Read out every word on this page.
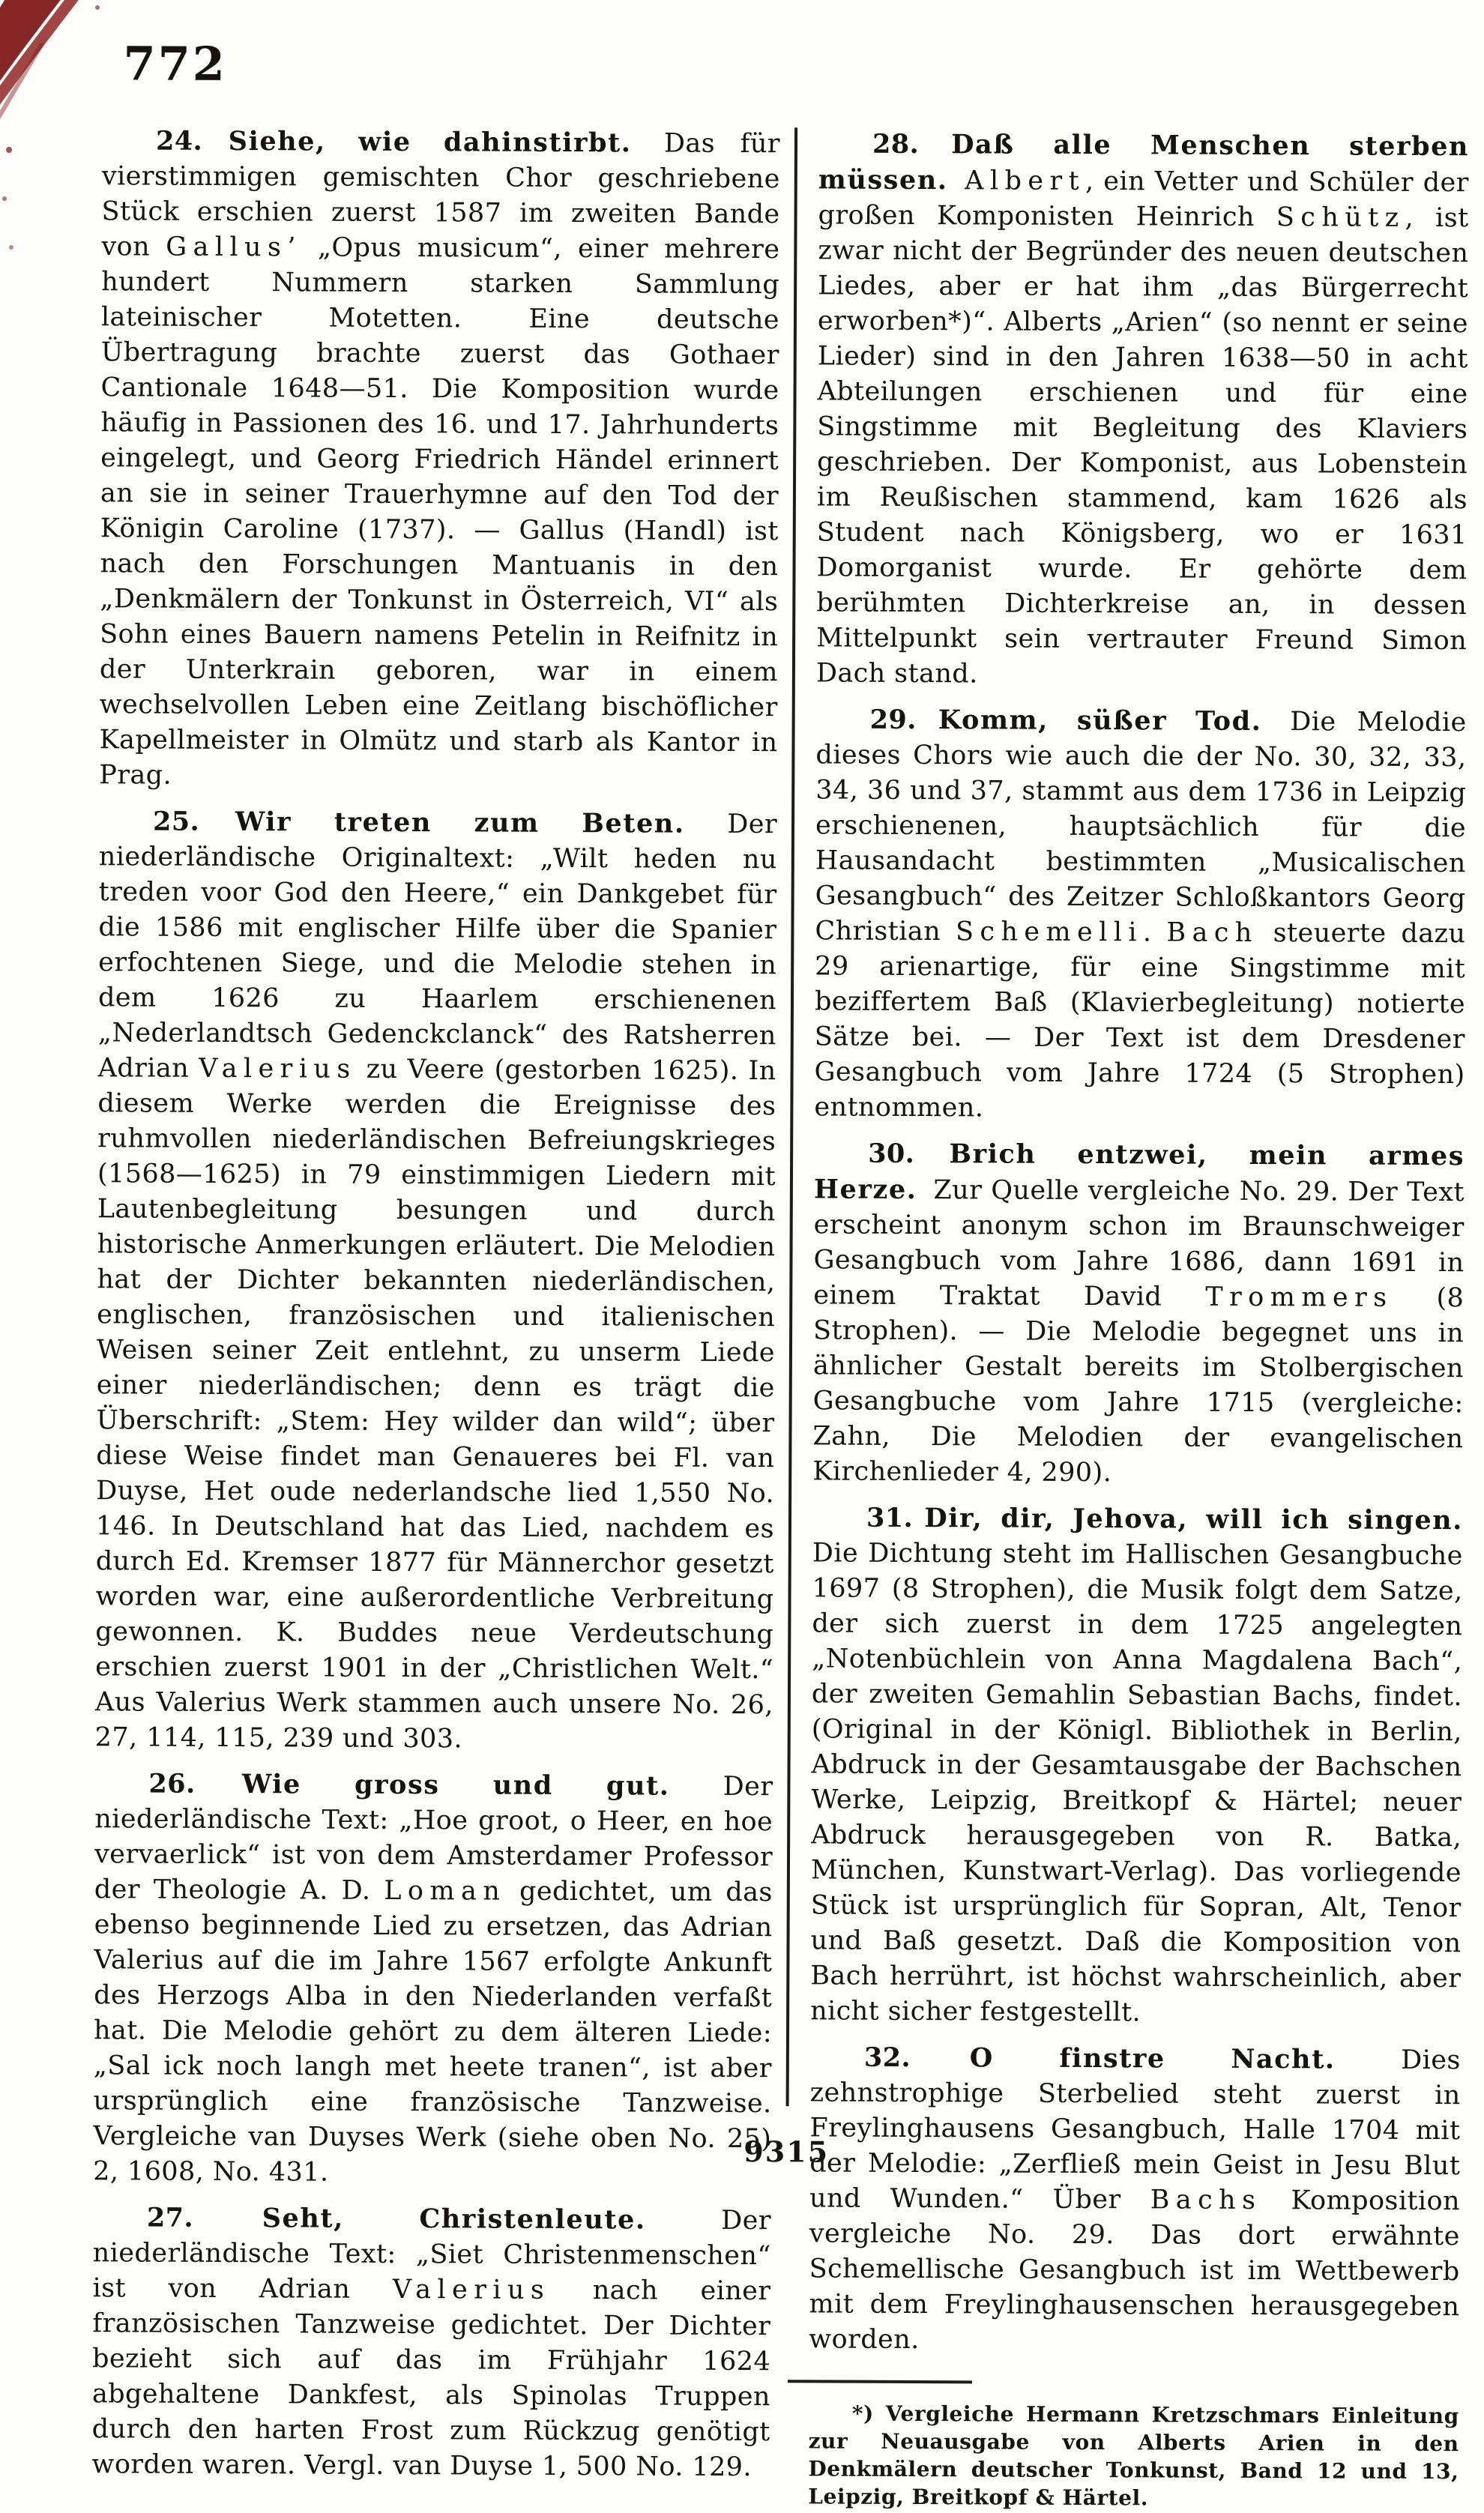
772

24. Siehe, wie dahinstirbt. Das für vierstimmigen gemischten Chor geschriebene Stück erschien zuerst 1587 im zweiten Bande von Gallus’ „Opus musicum“, einer mehrere hundert Nummern starken Sammlung lateinischer Motetten. Eine deutsche Übertragung brachte zuerst das Gothaer Cantionale 1648—51. Die Komposition wurde häufig in Passionen des 16. und 17. Jahrhunderts eingelegt, und Georg Friedrich Händel erinnert an sie in seiner Trauerhymne auf den Tod der Königin Caroline (1737). — Gallus (Handl) ist nach den Forschungen Mantuanis in den „Denkmälern der Tonkunst in Österreich, VI“ als Sohn eines Bauern namens Petelin in Reifnitz in der Unterkrain geboren, war in einem wechselvollen Leben eine Zeitlang bischöflicher Kapellmeister in Olmütz und starb als Kantor in Prag.

25. Wir treten zum Beten. Der niederländische Originaltext: „Wilt heden nu treden voor God den Heere,“ ein Dankgebet für die 1586 mit englischer Hilfe über die Spanier erfochtenen Siege, und die Melodie stehen in dem 1626 zu Haarlem erschienenen „Nederlandtsch Gedenckclanck“ des Ratsherren Adrian Valerius zu Veere (gestorben 1625). In diesem Werke werden die Ereignisse des ruhmvollen niederländischen Befreiungskrieges (1568—1625) in 79 einstimmigen Liedern mit Lautenbegleitung besungen und durch historische Anmerkungen erläutert. Die Melodien hat der Dichter bekannten niederländischen, englischen, französischen und italienischen Weisen seiner Zeit entlehnt, zu unserm Liede einer niederländischen; denn es trägt die Überschrift: „Stem: Hey wilder dan wild“; über diese Weise findet man Genaueres bei Fl. van Duyse, Het oude nederlandsche lied 1,550 No. 146. In Deutschland hat das Lied, nachdem es durch Ed. Kremser 1877 für Männerchor gesetzt worden war, eine außerordentliche Verbreitung gewonnen. K. Buddes neue Verdeutschung erschien zuerst 1901 in der „Christlichen Welt.“ Aus Valerius Werk stammen auch unsere No. 26, 27, 114, 115, 239 und 303.

26. Wie gross und gut. Der niederländische Text: „Hoe groot, o Heer, en hoe vervaerlick“ ist von dem Amsterdamer Professor der Theologie A. D. Loman gedichtet, um das ebenso beginnende Lied zu ersetzen, das Adrian Valerius auf die im Jahre 1567 erfolgte Ankunft des Herzogs Alba in den Niederlanden verfaßt hat. Die Melodie gehört zu dem älteren Liede: „Sal ick noch langh met heete tranen“, ist aber ursprünglich eine französische Tanzweise. Vergleiche van Duyses Werk (siehe oben No. 25) 2, 1608, No. 431.

27. Seht, Christenleute. Der niederländische Text: „Siet Christenmenschen“ ist von Adrian Valerius nach einer französischen Tanzweise gedichtet. Der Dichter bezieht sich auf das im Frühjahr 1624 abgehaltene Dankfest, als Spinolas Truppen durch den harten Frost zum Rückzug genötigt worden waren. Vergl. van Duyse 1, 500 No. 129.

28. Daß alle Menschen sterben müssen. Albert, ein Vetter und Schüler der großen Komponisten Heinrich Schütz, ist zwar nicht der Begründer des neuen deutschen Liedes, aber er hat ihm „das Bürgerrecht erworben*)“. Alberts „Arien“ (so nennt er seine Lieder) sind in den Jahren 1638—50 in acht Abteilungen erschienen und für eine Singstimme mit Begleitung des Klaviers geschrieben. Der Komponist, aus Lobenstein im Reußischen stammend, kam 1626 als Student nach Königsberg, wo er 1631 Domorganist wurde. Er gehörte dem berühmten Dichterkreise an, in dessen Mittelpunkt sein vertrauter Freund Simon Dach stand.

29. Komm, süßer Tod. Die Melodie dieses Chors wie auch die der No. 30, 32, 33, 34, 36 und 37, stammt aus dem 1736 in Leipzig erschienenen, hauptsächlich für die Hausandacht bestimmten „Musicalischen Gesangbuch“ des Zeitzer Schloßkantors Georg Christian Schemelli. Bach steuerte dazu 29 arienartige, für eine Singstimme mit beziffertem Baß (Klavierbegleitung) notierte Sätze bei. — Der Text ist dem Dresdener Gesangbuch vom Jahre 1724 (5 Strophen) entnommen.

30. Brich entzwei, mein armes Herze. Zur Quelle vergleiche No. 29. Der Text erscheint anonym schon im Braunschweiger Gesangbuch vom Jahre 1686, dann 1691 in einem Traktat David Trommers (8 Strophen). — Die Melodie begegnet uns in ähnlicher Gestalt bereits im Stolbergischen Gesangbuche vom Jahre 1715 (vergleiche: Zahn, Die Melodien der evangelischen Kirchenlieder 4, 290).

31. Dir, dir, Jehova, will ich singen. Die Dichtung steht im Hallischen Gesangbuche 1697 (8 Strophen), die Musik folgt dem Satze, der sich zuerst in dem 1725 angelegten „Notenbüchlein von Anna Magdalena Bach“, der zweiten Gemahlin Sebastian Bachs, findet. (Original in der Königl. Bibliothek in Berlin, Abdruck in der Gesamtausgabe der Bachschen Werke, Leipzig, Breitkopf & Härtel; neuer Abdruck herausgegeben von R. Batka, München, Kunstwart-Verlag). Das vorliegende Stück ist ursprünglich für Sopran, Alt, Tenor und Baß gesetzt. Daß die Komposition von Bach herrührt, ist höchst wahrscheinlich, aber nicht sicher festgestellt.

32. O finstre Nacht. Dies zehnstrophige Sterbelied steht zuerst in Freylinghausens Gesangbuch, Halle 1704 mit der Melodie: „Zerfließ mein Geist in Jesu Blut und Wunden.“ Über Bachs Komposition vergleiche No. 29. Das dort erwähnte Schemellische Gesangbuch ist im Wettbewerb mit dem Freylinghausenschen herausgegeben worden.

*) Vergleiche Hermann Kretzschmars Einleitung zur Neuausgabe von Alberts Arien in den Denkmälern deutscher Tonkunst, Band 12 und 13, Leipzig, Breitkopf & Härtel.

9315
